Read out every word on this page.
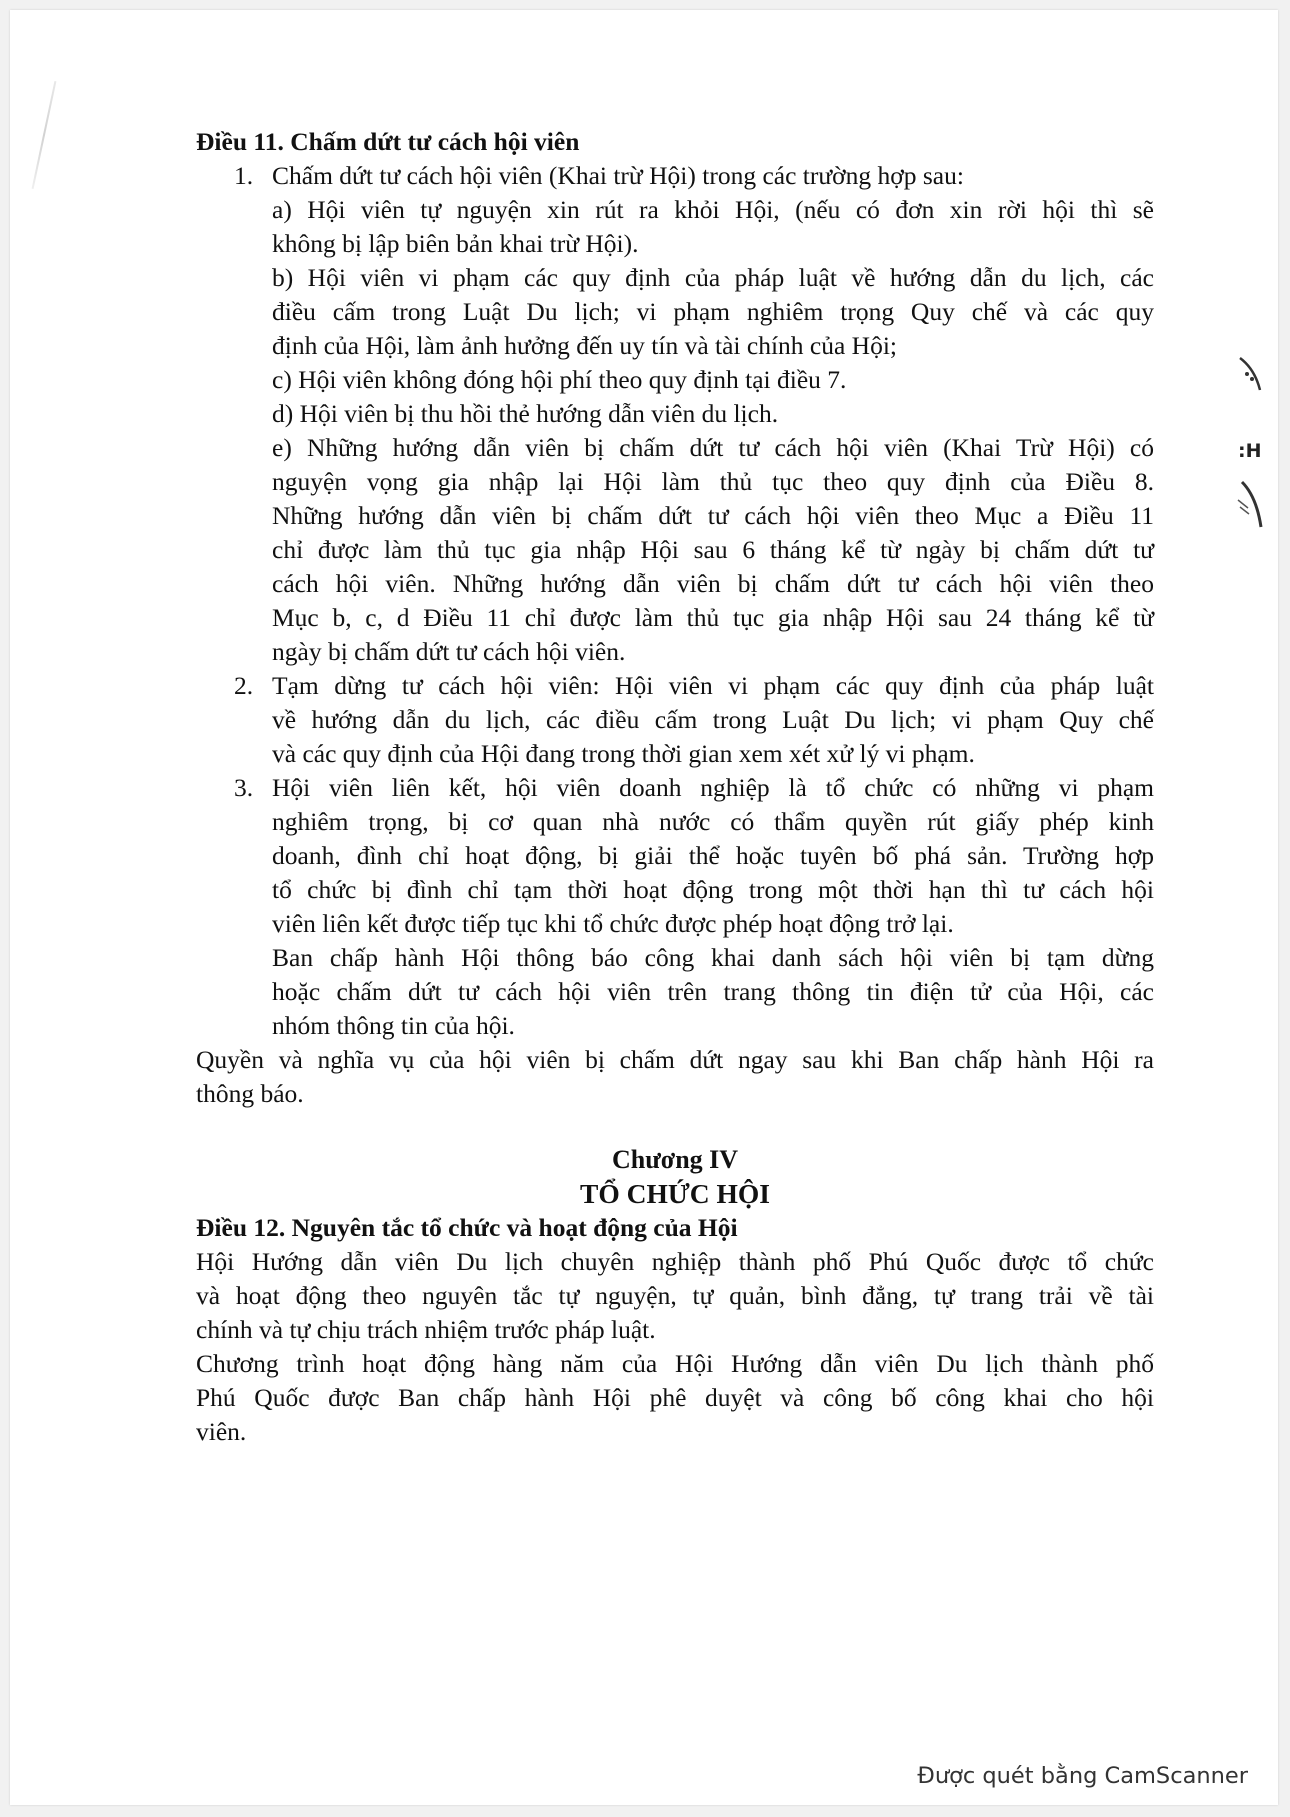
Điều 11. Chấm dứt tư cách hội viên
1. Chấm dứt tư cách hội viên (Khai trừ Hội) trong các trường hợp sau:
a) Hội viên tự nguyện xin rút ra khỏi Hội, (nếu có đơn xin rời hội thì sẽ
không bị lập biên bản khai trừ Hội).
b) Hội viên vi phạm các quy định của pháp luật về hướng dẫn du lịch, các
điều cấm trong Luật Du lịch; vi phạm nghiêm trọng Quy chế và các quy
định của Hội, làm ảnh hưởng đến uy tín và tài chính của Hội;
c) Hội viên không đóng hội phí theo quy định tại điều 7.
d) Hội viên bị thu hồi thẻ hướng dẫn viên du lịch.
e) Những hướng dẫn viên bị chấm dứt tư cách hội viên (Khai Trừ Hội) có
nguyện vọng gia nhập lại Hội làm thủ tục theo quy định của Điều 8.
Những hướng dẫn viên bị chấm dứt tư cách hội viên theo Mục a Điều 11
chỉ được làm thủ tục gia nhập Hội sau 6 tháng kể từ ngày bị chấm dứt tư
cách hội viên. Những hướng dẫn viên bị chấm dứt tư cách hội viên theo
Mục b, c, d Điều 11 chỉ được làm thủ tục gia nhập Hội sau 24 tháng kể từ
ngày bị chấm dứt tư cách hội viên.
2. Tạm dừng tư cách hội viên: Hội viên vi phạm các quy định của pháp luật
về hướng dẫn du lịch, các điều cấm trong Luật Du lịch; vi phạm Quy chế
và các quy định của Hội đang trong thời gian xem xét xử lý vi phạm.
3. Hội viên liên kết, hội viên doanh nghiệp là tổ chức có những vi phạm
nghiêm trọng, bị cơ quan nhà nước có thẩm quyền rút giấy phép kinh
doanh, đình chỉ hoạt động, bị giải thể hoặc tuyên bố phá sản. Trường hợp
tổ chức bị đình chỉ tạm thời hoạt động trong một thời hạn thì tư cách hội
viên liên kết được tiếp tục khi tổ chức được phép hoạt động trở lại.
Ban chấp hành Hội thông báo công khai danh sách hội viên bị tạm dừng
hoặc chấm dứt tư cách hội viên trên trang thông tin điện tử của Hội, các
nhóm thông tin của hội.
Quyền và nghĩa vụ của hội viên bị chấm dứt ngay sau khi Ban chấp hành Hội ra
thông báo.
Chương IV
TỔ CHỨC HỘI
Điều 12. Nguyên tắc tổ chức và hoạt động của Hội
Hội Hướng dẫn viên Du lịch chuyên nghiệp thành phố Phú Quốc được tổ chức
và hoạt động theo nguyên tắc tự nguyện, tự quản, bình đẳng, tự trang trải về tài
chính và tự chịu trách nhiệm trước pháp luật.
Chương trình hoạt động hàng năm của Hội Hướng dẫn viên Du lịch thành phố
Phú Quốc được Ban chấp hành Hội phê duyệt và công bố công khai cho hội
viên.
:H
Được quét bằng CamScanner
